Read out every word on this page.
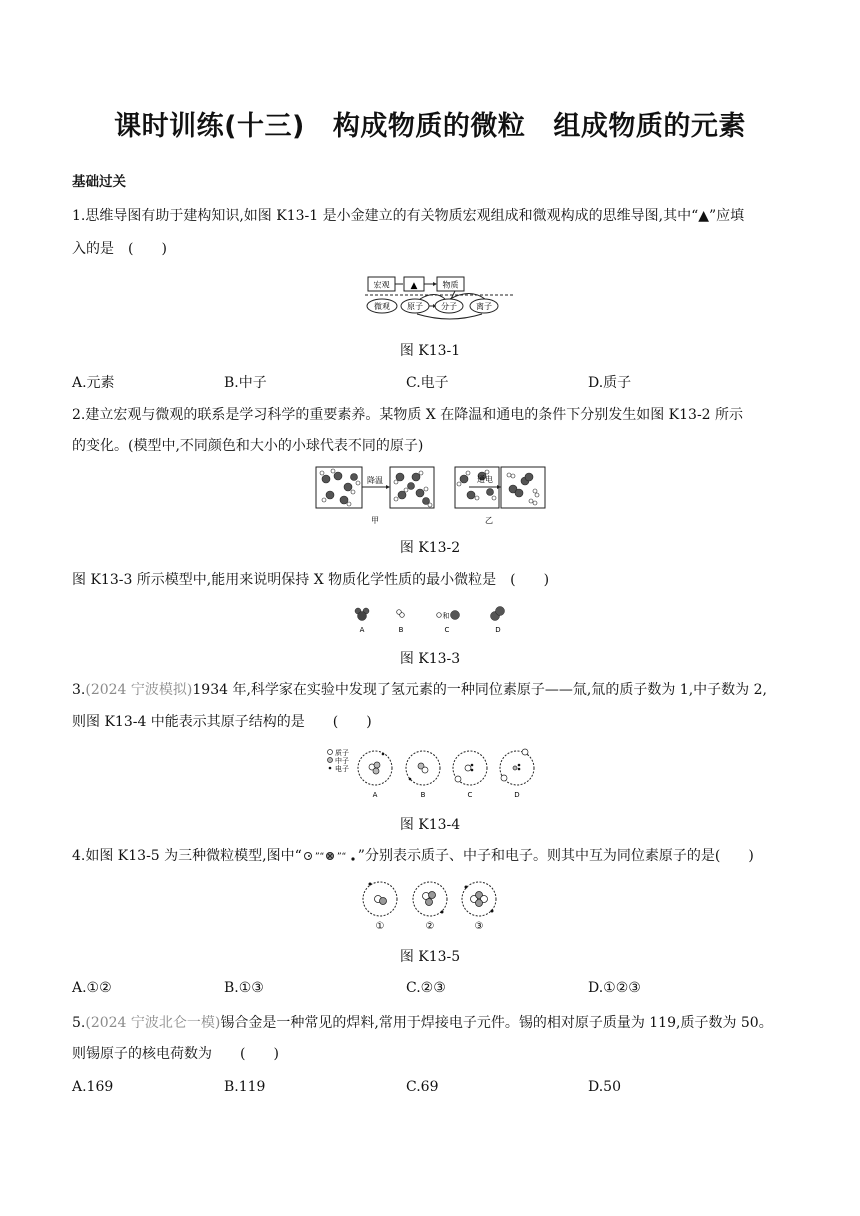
课时训练(十三) 构成物质的微粒 组成物质的元素
基础过关
1.思维导图有助于建构知识,如图 K13-1 是小金建立的有关物质宏观组成和微观构成的思维导图,其中“▲”应填
入的是　(　　)
宏观 ▲	物质
微观 原子 分子 离子
图 K13-1
A.元素	B.中子	C.电子	D.质子
2.建立宏观与微观的联系是学习科学的重要素养。某物质 X 在降温和通电的条件下分别发生如图 K13-2 所示
的变化。(模型中,不同颜色和大小的小球代表不同的原子)
降温
甲	乙
通电
图 K13-2
图 K13-3 所示模型中,能用来说明保持 X 物质化学性质的最小微粒是　(　　)
A	B
和
C	D
图 K13-3
3.(2024 宁波模拟)1934 年,科学家在实验中发现了氢元素的一种同位素原子——氚,氚的质子数为 1,中子数为 2,
则图 K13-4 中能表示其原子结构的是　　(　　)
质子
中子
电子
A	B	C	D
图 K13-4
4.如图 K13-5 为三种微粒模型,图中“ ”“ ”“ ”分别表示质子、中子和电子。则其中互为同位素原子的是(　　)
①	②	③
图 K13-5
A.①②	B.①③	C.②③	D.①②③
5.(2024 宁波北仑一模)锡合金是一种常见的焊料,常用于焊接电子元件。锡的相对原子质量为 119,质子数为 50。
则锡原子的核电荷数为　　(　　)
A.169	B.119	C.69	D.50
